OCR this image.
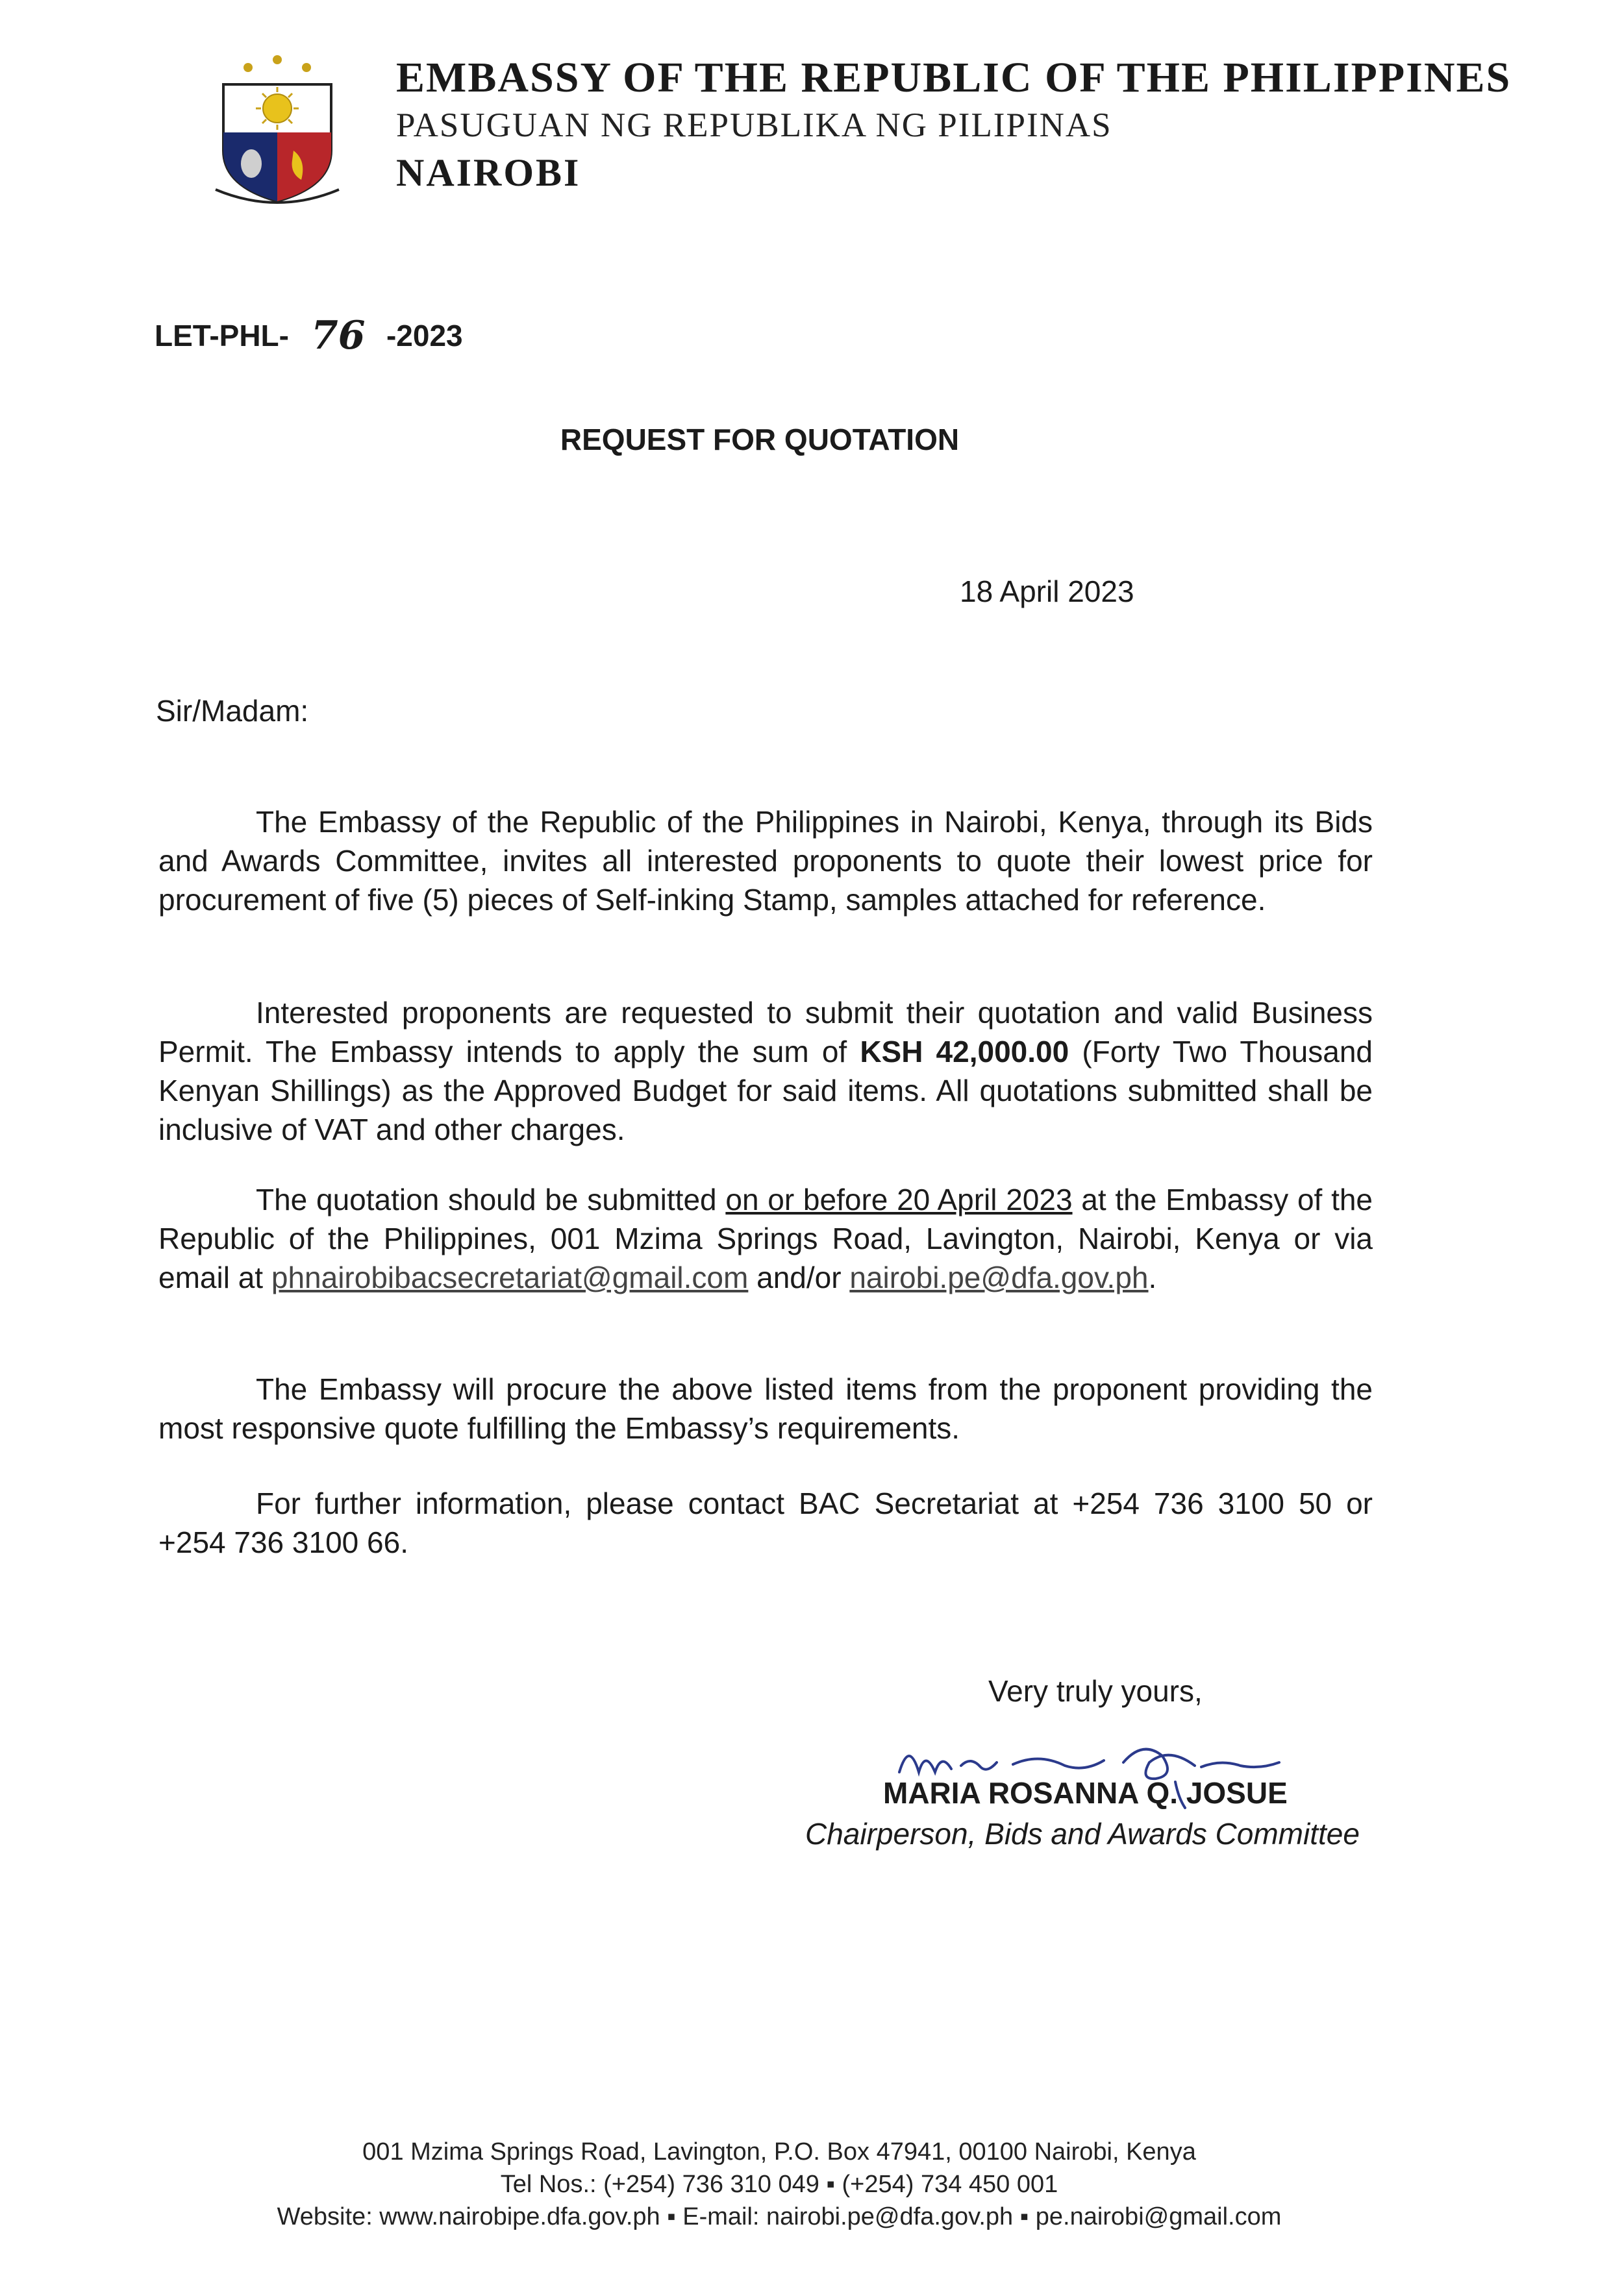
EMBASSY OF THE REPUBLIC OF THE PHILIPPINES
PASUGUAN NG REPUBLIKA NG PILIPINAS
NAIROBI
LET-PHL- 76 -2023
REQUEST FOR QUOTATION
18 April 2023
Sir/Madam:

The Embassy of the Republic of the Philippines in Nairobi, Kenya, through its Bids and Awards Committee, invites all interested proponents to quote their lowest price for procurement of five (5) pieces of Self-inking Stamp, samples attached for reference.

Interested proponents are requested to submit their quotation and valid Business Permit. The Embassy intends to apply the sum of KSH 42,000.00 (Forty Two Thousand Kenyan Shillings) as the Approved Budget for said items. All quotations submitted shall be inclusive of VAT and other charges.

The quotation should be submitted on or before 20 April 2023 at the Embassy of the Republic of the Philippines, 001 Mzima Springs Road, Lavington, Nairobi, Kenya or via email at phnairobibacsecretariat@gmail.com and/or nairobi.pe@dfa.gov.ph.

The Embassy will procure the above listed items from the proponent providing the most responsive quote fulfilling the Embassy’s requirements.

For further information, please contact BAC Secretariat at +254 736 3100 50 or +254 736 3100 66.

Very truly yours,
MARIA ROSANNA Q. JOSUE
Chairperson, Bids and Awards Committee
001 Mzima Springs Road, Lavington, P.O. Box 47941, 00100 Nairobi, Kenya
Tel Nos.: (+254) 736 310 049 ▪ (+254) 734 450 001
Website: www.nairobipe.dfa.gov.ph ▪ E-mail: nairobi.pe@dfa.gov.ph ▪ pe.nairobi@gmail.com
